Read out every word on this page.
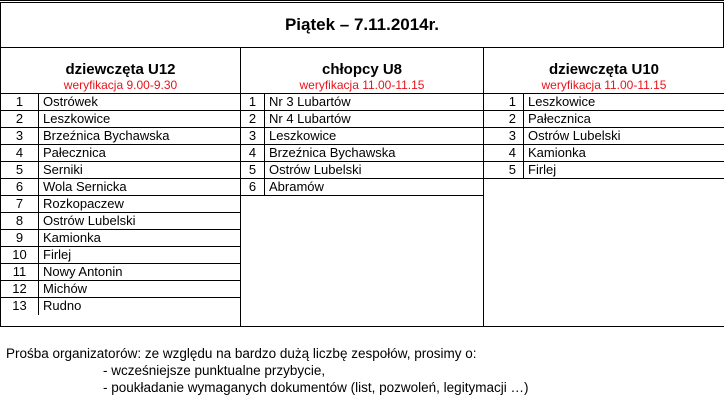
Piątek – 7.11.2014r.
dziewczęta U12
weryfikacja 9.00-9.30
1	Ostrówek
2	Leszkowice
3	Brzeźnica Bychawska
4	Pałecznica
5	Serniki
6	Wola Sernicka
7	Rozkopaczew
8	Ostrów Lubelski
9	Kamionka
10	Firlej
11	Nowy Antonin
12	Michów
13	Rudno
chłopcy U8
weryfikacja 11.00-11.15
1 Nr 3 Lubartów
2 Nr 4 Lubartów
3 Leszkowice
4 Brzeźnica Bychawska
5 Ostrów Lubelski
6 Abramów
dziewczęta U10
weryfikacja 11.00-11.15
1 Leszkowice
2 Pałecznica
3 Ostrów Lubelski
4 Kamionka
5 Firlej
Prośba organizatorów: ze względu na bardzo dużą liczbę zespołów, prosimy o:
- wcześniejsze punktualne przybycie,
- poukładanie wymaganych dokumentów (list, pozwoleń, legitymacji …)
